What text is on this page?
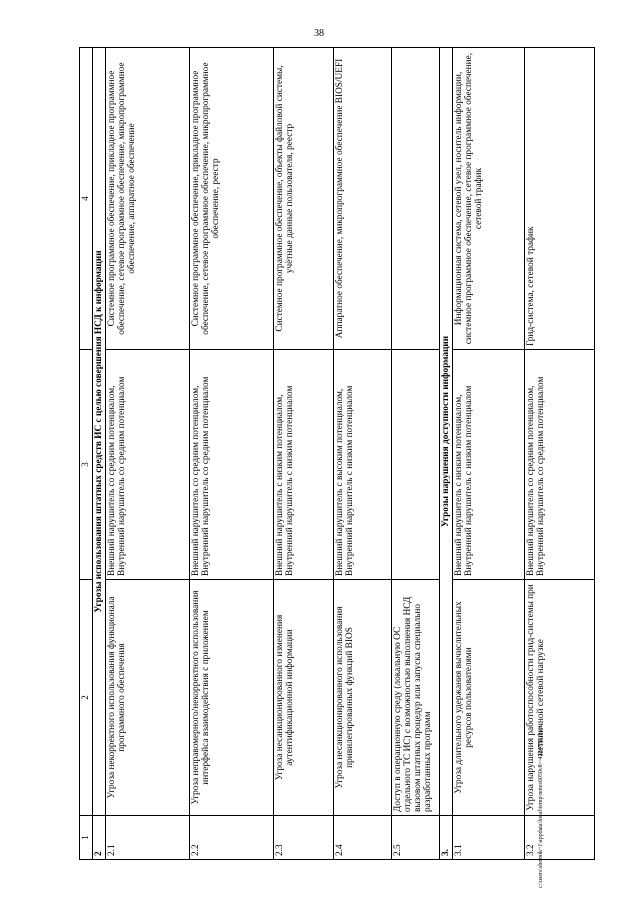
38
1	2	3	4
2	Угрозы использования штатных средств ИС с целью совершения НСД к информации		
2.1	Угроза некорректного использования функционала программного обеспечения	Внешний нарушитель со средним потенциалом, Внутренний нарушитель со средним потенциалом	Системное программное обеспечение, прикладное программное обеспечение, сетевое программное обеспечение, микропрограммное обеспечение, аппаратное обеспечение
2.2	Угроза неправомерного/некорректного использования интерфейса взаимодействия с приложением	Внешний нарушитель со средним потенциалом, Внутренний нарушитель со средним потенциалом	Системное программное обеспечение, прикладное программное обеспечение, сетевое программное обеспечение, микропрограммное обеспечение, реестр
2.3	Угроза несанкционированного изменения аутентификационной информации	Внешний нарушитель с низким потенциалом, Внутренний нарушитель с низким потенциалом	Системное программное обеспечение, объекты файловой системы, учётные данные пользователя, реестр
2.4	Угроза несанкционированного использования привилегированных функций BIOS	Внешний нарушитель с высоким потенциалом, Внутренний нарушитель с низким потенциалом	Аппаратное обеспечение, микропрограммное обеспечение BIOS/UEFI
2.5	Доступ в операционную среду (локальную ОС отдельного ТС ИС) с возможностью выполнения НСД вызовом штатных процедур или запуска специально разработанных программ		
3.	Угрозы нарушения доступности информации		
3.1	Угроза длительного удержания вычислительных ресурсов пользователями	Внешний нарушитель с низким потенциалом, Внутренний нарушитель с низким потенциалом	Информационная система, сетевой узел, носитель информации, системное программное обеспечение, сетевое программное обеспечение, сетевой трафик
3.2	Угроза нарушения работоспособности грид-системы при нетипичной сетевой нагрузке	Внешний нарушитель со средним потенциалом, Внутренний нарушитель со средним потенциалом	Грид-система, сетевой трафик
c:\users\sbornik~1\appdata\local\temp\notes6050c8\~4224739.docx
